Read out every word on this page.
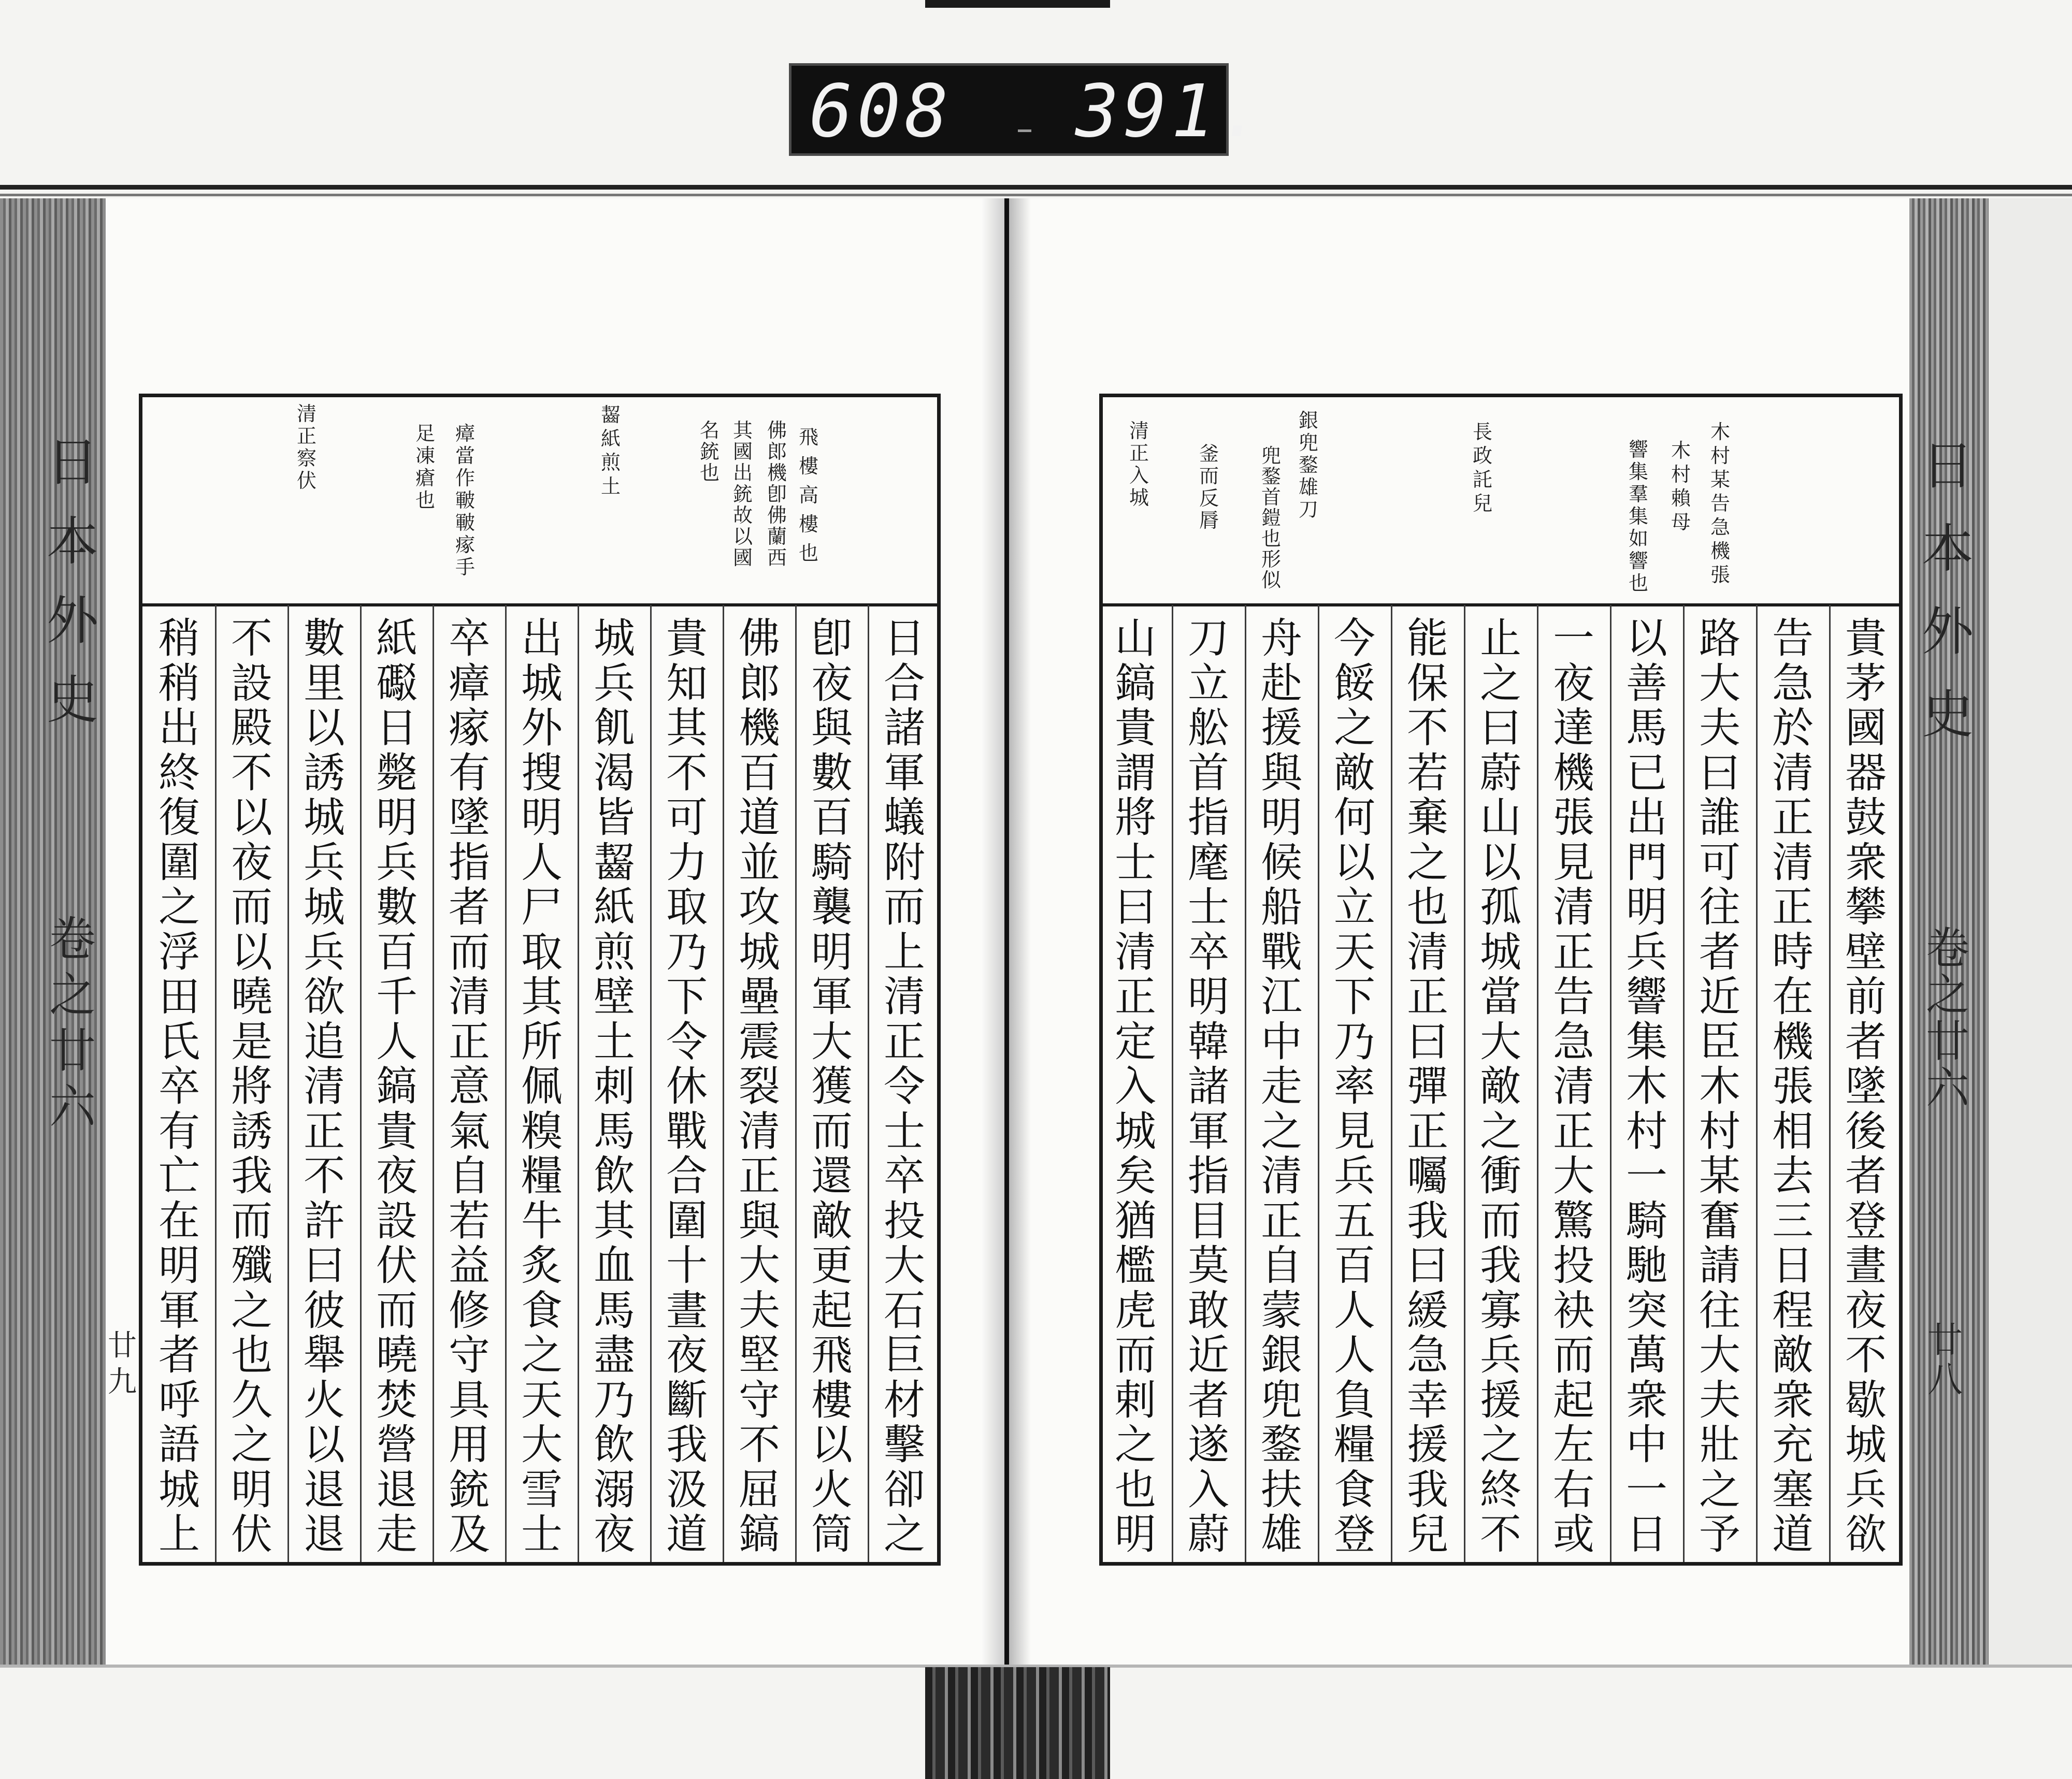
608 391.
日
本
外
史
卷
之
廿
六
廿
九
日
本
外
史
卷
之
廿
六
廿
八
飛
樓
高
樓
也
佛
郎
機
卽
佛
蘭
西
其
國
出
銃
故
以
國
名
銃
也
齧
紙
煎
土
瘴
當
作
皸
皸
瘃
手
足
凍
瘡
也
清
正
察
伏
日
合
諸
軍
蟻
附
而
上
清
正
令
士
卒
投
大
石
巨
材
擊
卻
之
卽
夜
與
數
百
騎
襲
明
軍
大
獲
而
還
敵
更
起
飛
樓
以
火
筒
佛
郎
機
百
道
並
攻
城
壘
震
裂
清
正
與
大
夫
堅
守
不
屈
鎬
貴
知
其
不
可
力
取
乃
下
令
休
戰
合
圍
十
晝
夜
斷
我
汲
道
城
兵
飢
渴
皆
齧
紙
煎
壁
土
刺
馬
飲
其
血
馬
盡
乃
飲
溺
夜
出
城
外
搜
明
人
尸
取
其
所
佩
糗
糧
牛
炙
食
之
天
大
雪
士
卒
瘴
瘃
有
墜
指
者
而
清
正
意
氣
自
若
益
修
守
具
用
銃
及
紙
礟
日
斃
明
兵
數
百
千
人
鎬
貴
夜
設
伏
而
曉
焚
營
退
走
數
里
以
誘
城
兵
城
兵
欲
追
清
正
不
許
曰
彼
舉
火
以
退
退
不
設
殿
不
以
夜
而
以
曉
是
將
誘
我
而
殲
之
也
久
之
明
伏
稍
稍
出
終
復
圍
之
浮
田
氏
卒
有
亡
在
明
軍
者
呼
語
城
上
木
村
某
告
急
機
張
木
村
賴
母
響
集
羣
集
如
響
也
長
政
託
兒
銀
兜
鍪
雄
刀
兜
鍪
首
鎧
也
形
似
釜
而
反
脣
清
正
入
城
貴
茅
國
器
鼓
衆
攀
壁
前
者
墜
後
者
登
晝
夜
不
歇
城
兵
欲
告
急
於
清
正
清
正
時
在
機
張
相
去
三
日
程
敵
衆
充
塞
道
路
大
夫
曰
誰
可
往
者
近
臣
木
村
某
奮
請
往
大
夫
壯
之
予
以
善
馬
已
出
門
明
兵
響
集
木
村
一
騎
馳
突
萬
衆
中
一
日
一
夜
達
機
張
見
清
正
告
急
清
正
大
驚
投
袂
而
起
左
右
或
止
之
曰
蔚
山
以
孤
城
當
大
敵
之
衝
而
我
寡
兵
援
之
終
不
能
保
不
若
棄
之
也
清
正
曰
彈
正
囑
我
曰
緩
急
幸
援
我
兒
今
餒
之
敵
何
以
立
天
下
乃
率
見
兵
五
百
人
人
負
糧
食
登
舟
赴
援
與
明
候
船
戰
江
中
走
之
清
正
自
蒙
銀
兜
鍪
扶
雄
刀
立
舩
首
指
麾
士
卒
明
韓
諸
軍
指
目
莫
敢
近
者
遂
入
蔚
山
鎬
貴
謂
將
士
曰
清
正
定
入
城
矣
猶
檻
虎
而
剌
之
也
明
